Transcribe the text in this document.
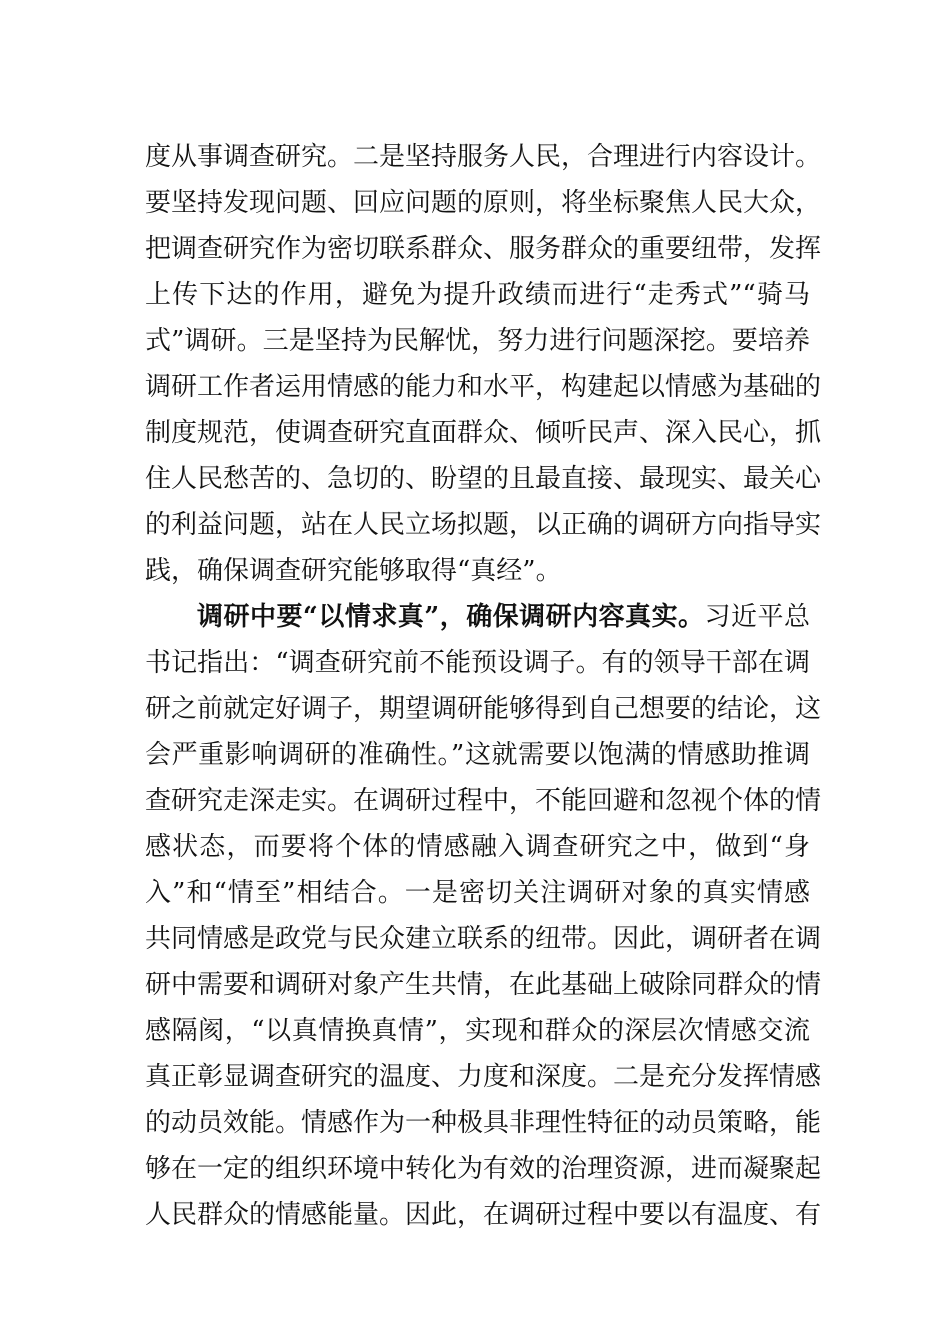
度从事调查研究。二是坚持服务人民，合理进行内容设计。
要坚持发现问题、回应问题的原则，将坐标聚焦人民大众，
把调查研究作为密切联系群众、服务群众的重要纽带，发挥
上传下达的作用，避免为提升政绩而进行“走秀式”“骑马
式”调研。三是坚持为民解忧，努力进行问题深挖。要培养
调研工作者运用情感的能力和水平，构建起以情感为基础的
制度规范，使调查研究直面群众、倾听民声、深入民心，抓
住人民愁苦的、急切的、盼望的且最直接、最现实、最关心
的利益问题，站在人民立场拟题，以正确的调研方向指导实
践，确保调查研究能够取得“真经”。
调研中要“以情求真”，确保调研内容真实。习近平总
书记指出：“调查研究前不能预设调子。有的领导干部在调
研之前就定好调子，期望调研能够得到自己想要的结论，这
会严重影响调研的准确性。”这就需要以饱满的情感助推调
查研究走深走实。在调研过程中，不能回避和忽视个体的情
感状态，而要将个体的情感融入调查研究之中，做到“身
入”和“情至”相结合。一是密切关注调研对象的真实情感
共同情感是政党与民众建立联系的纽带。因此，调研者在调
研中需要和调研对象产生共情，在此基础上破除同群众的情
感隔阂，“以真情换真情”，实现和群众的深层次情感交流
真正彰显调查研究的温度、力度和深度。二是充分发挥情感
的动员效能。情感作为一种极具非理性特征的动员策略，能
够在一定的组织环境中转化为有效的治理资源，进而凝聚起
人民群众的情感能量。因此，在调研过程中要以有温度、有
